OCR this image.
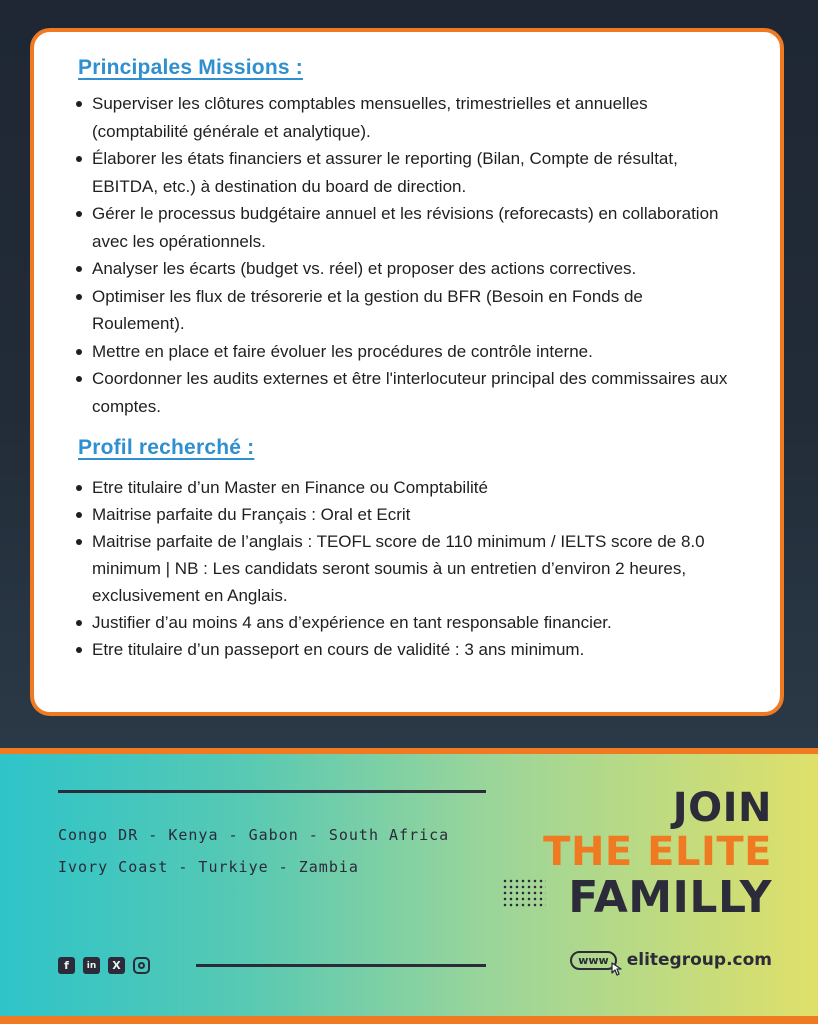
Principales Missions :
Superviser les clôtures comptables mensuelles, trimestrielles et annuelles (comptabilité générale et analytique).
Élaborer les états financiers et assurer le reporting (Bilan, Compte de résultat, EBITDA, etc.) à destination du board de direction.
Gérer le processus budgétaire annuel et les révisions (reforecasts) en collaboration avec les opérationnels.
Analyser les écarts (budget vs. réel) et proposer des actions correctives.
Optimiser les flux de trésorerie et la gestion du BFR (Besoin en Fonds de Roulement).
Mettre en place et faire évoluer les procédures de contrôle interne.
Coordonner les audits externes et être l'interlocuteur principal des commissaires aux comptes.
Profil recherché :
Etre titulaire d’un Master en Finance ou Comptabilité
Maitrise parfaite du Français : Oral et Ecrit
Maitrise parfaite de l’anglais : TEOFL score de 110 minimum / IELTS score de 8.0 minimum | NB : Les candidats seront soumis à un entretien d’environ 2 heures, exclusivement en Anglais.
Justifier d’au moins 4 ans d’expérience en tant responsable financier.
Etre titulaire d’un passeport en cours de validité : 3 ans minimum.
Congo DR - Kenya - Gabon - South Africa
Ivory Coast - Turkiye - Zambia
JOIN
THE ELITE
FAMILLY
f	in	X	www	elitegroup.com
